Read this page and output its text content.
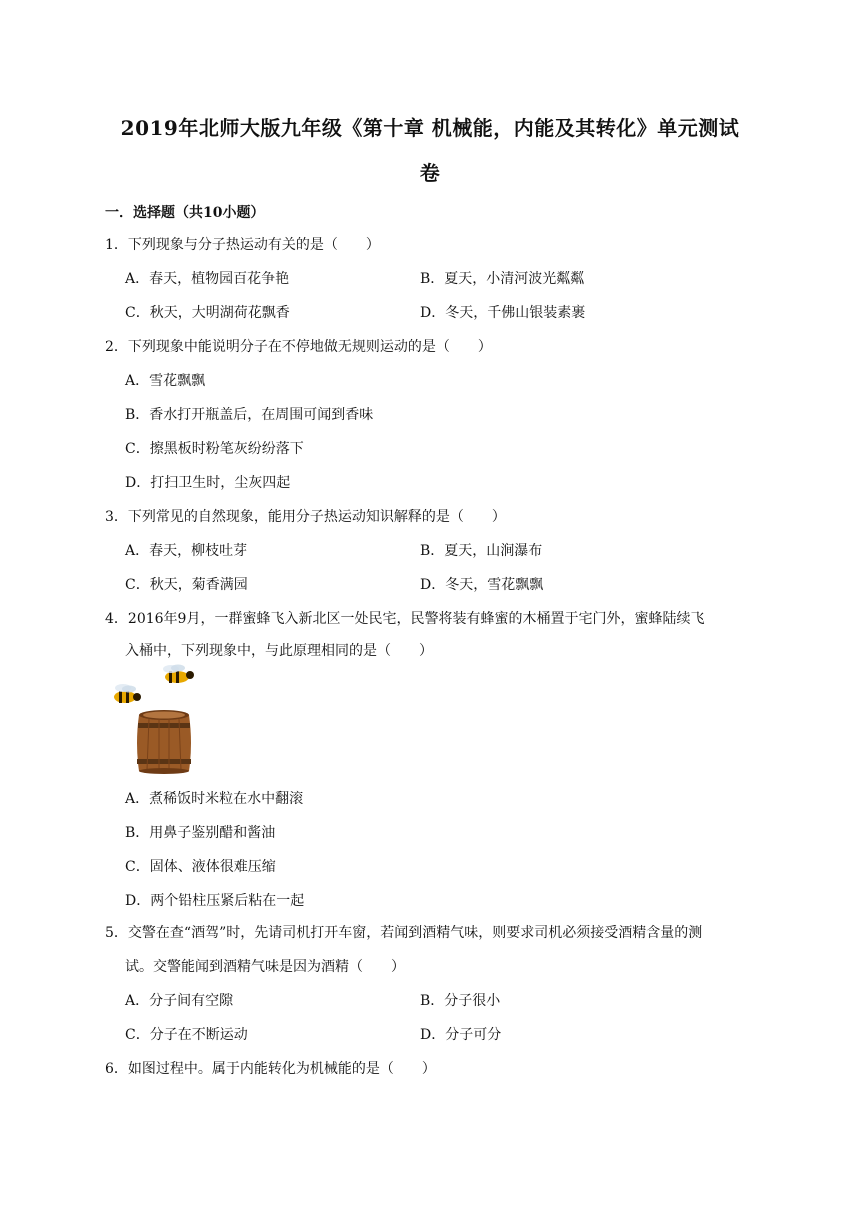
2019年北师大版九年级《第十章 机械能，内能及其转化》单元测试
卷
一．选择题（共10小题）
1．下列现象与分子热运动有关的是（　　）
A．春天，植物园百花争艳	B．夏天，小清河波光粼粼
C．秋天，大明湖荷花飘香	D．冬天，千佛山银装素裹
2．下列现象中能说明分子在不停地做无规则运动的是（　　）
A．雪花飘飘
B．香水打开瓶盖后，在周围可闻到香味
C．擦黑板时粉笔灰纷纷落下
D．打扫卫生时，尘灰四起
3．下列常见的自然现象，能用分子热运动知识解释的是（　　）
A．春天，柳枝吐芽	B．夏天，山涧瀑布
C．秋天，菊香满园	D．冬天，雪花飘飘
4．2016年9月，一群蜜蜂飞入新北区一处民宅，民警将装有蜂蜜的木桶置于宅门外，蜜蜂陆续飞
入桶中，下列现象中，与此原理相同的是（　　）
A．煮稀饭时米粒在水中翻滚
B．用鼻子鉴别醋和酱油
C．固体、液体很难压缩
D．两个铅柱压紧后粘在一起
5．交警在查“酒驾”时，先请司机打开车窗，若闻到酒精气味，则要求司机必须接受酒精含量的测
试。交警能闻到酒精气味是因为酒精（　　）
A．分子间有空隙	B．分子很小
C．分子在不断运动	D．分子可分
6．如图过程中。属于内能转化为机械能的是（　　）
